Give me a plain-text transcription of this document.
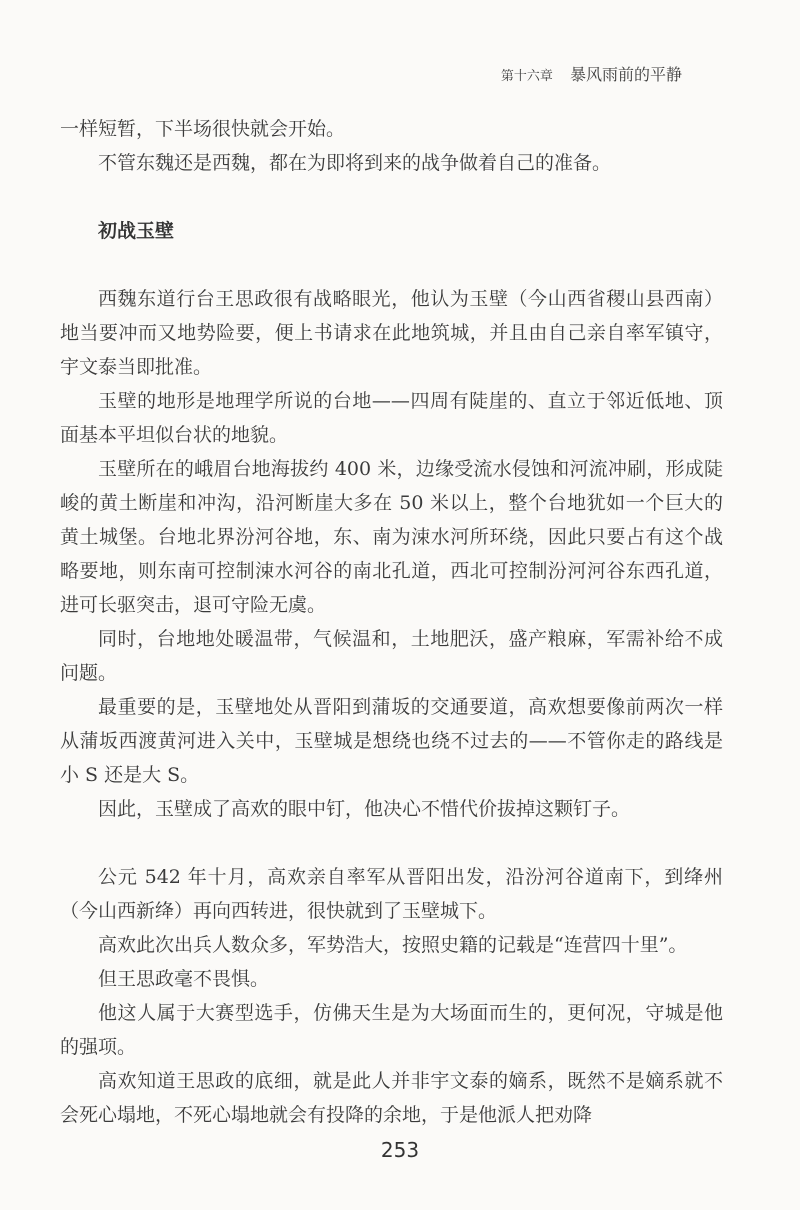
第十六章 暴风雨前的平静

一样短暂，下半场很快就会开始。

不管东魏还是西魏，都在为即将到来的战争做着自己的准备。

初战玉壁

西魏东道行台王思政很有战略眼光，他认为玉壁（今山西省稷山县西南）地当要冲而又地势险要，便上书请求在此地筑城，并且由自己亲自率军镇守，宇文泰当即批准。

玉壁的地形是地理学所说的台地——四周有陡崖的、直立于邻近低地、顶面基本平坦似台状的地貌。

玉壁所在的峨眉台地海拔约 400 米，边缘受流水侵蚀和河流冲刷，形成陡峻的黄土断崖和冲沟，沿河断崖大多在 50 米以上，整个台地犹如一个巨大的黄土城堡。台地北界汾河谷地，东、南为涑水河所环绕，因此只要占有这个战略要地，则东南可控制涑水河谷的南北孔道，西北可控制汾河河谷东西孔道，进可长驱突击，退可守险无虞。

同时，台地地处暖温带，气候温和，土地肥沃，盛产粮麻，军需补给不成问题。

最重要的是，玉壁地处从晋阳到蒲坂的交通要道，高欢想要像前两次一样从蒲坂西渡黄河进入关中，玉壁城是想绕也绕不过去的——不管你走的路线是小 S 还是大 S。

因此，玉壁成了高欢的眼中钉，他决心不惜代价拔掉这颗钉子。

公元 542 年十月，高欢亲自率军从晋阳出发，沿汾河谷道南下，到绛州（今山西新绛）再向西转进，很快就到了玉壁城下。

高欢此次出兵人数众多，军势浩大，按照史籍的记载是“连营四十里”。

但王思政毫不畏惧。

他这人属于大赛型选手，仿佛天生是为大场面而生的，更何况，守城是他的强项。

高欢知道王思政的底细，就是此人并非宇文泰的嫡系，既然不是嫡系就不会死心塌地，不死心塌地就会有投降的余地，于是他派人把劝降

253
